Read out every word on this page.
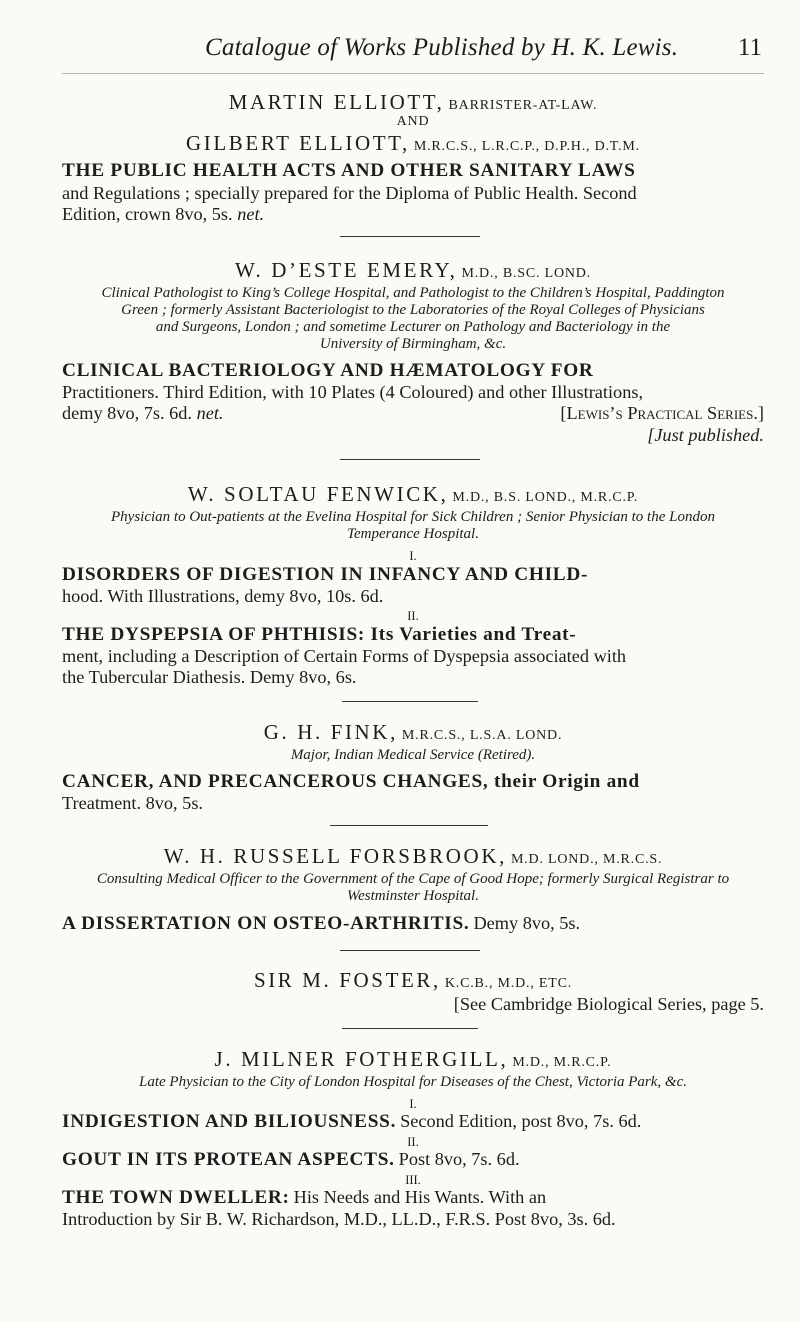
Catalogue of Works Published by H. K. Lewis. 11
MARTIN ELLIOTT, BARRISTER-AT-LAW.
AND
GILBERT ELLIOTT, M.R.C.S., L.R.C.P., D.P.H., D.T.M.
THE PUBLIC HEALTH ACTS AND OTHER SANITARY LAWS
and Regulations ; specially prepared for the Diploma of Public Health. Second
Edition, crown 8vo, 5s. net.
W. D’ESTE EMERY, M.D., B.SC. LOND.
Clinical Pathologist to King’s College Hospital, and Pathologist to the Children’s Hospital, Paddington
Green ; formerly Assistant Bacteriologist to the Laboratories of the Royal Colleges of Physicians
and Surgeons, London ; and sometime Lecturer on Pathology and Bacteriology in the
University of Birmingham, &c.
CLINICAL BACTERIOLOGY AND HÆMATOLOGY FOR
Practitioners. Third Edition, with 10 Plates (4 Coloured) and other Illustrations,
demy 8vo, 7s. 6d. net.	[Lewis’s Practical Series.]
[Just published.
W. SOLTAU FENWICK, M.D., B.S. LOND., M.R.C.P.
Physician to Out-patients at the Evelina Hospital for Sick Children ; Senior Physician to the London
Temperance Hospital.
I.
DISORDERS OF DIGESTION IN INFANCY AND CHILD-
hood. With Illustrations, demy 8vo, 10s. 6d.
II.
THE DYSPEPSIA OF PHTHISIS: Its Varieties and Treat-
ment, including a Description of Certain Forms of Dyspepsia associated with
the Tubercular Diathesis. Demy 8vo, 6s.
G. H. FINK, M.R.C.S., L.S.A. LOND.
Major, Indian Medical Service (Retired).
CANCER, AND PRECANCEROUS CHANGES, their Origin and
Treatment. 8vo, 5s.
W. H. RUSSELL FORSBROOK, M.D. LOND., M.R.C.S.
Consulting Medical Officer to the Government of the Cape of Good Hope; formerly Surgical Registrar to
Westminster Hospital.
A DISSERTATION ON OSTEO-ARTHRITIS. Demy 8vo, 5s.
SIR M. FOSTER, K.C.B., M.D., ETC.
[See Cambridge Biological Series, page 5.
J. MILNER FOTHERGILL, M.D., M.R.C.P.
Late Physician to the City of London Hospital for Diseases of the Chest, Victoria Park, &c.
I.
INDIGESTION AND BILIOUSNESS. Second Edition, post 8vo, 7s. 6d.
II.
GOUT IN ITS PROTEAN ASPECTS. Post 8vo, 7s. 6d.
III.
THE TOWN DWELLER: His Needs and His Wants. With an
Introduction by Sir B. W. Richardson, M.D., LL.D., F.R.S. Post 8vo, 3s. 6d.
